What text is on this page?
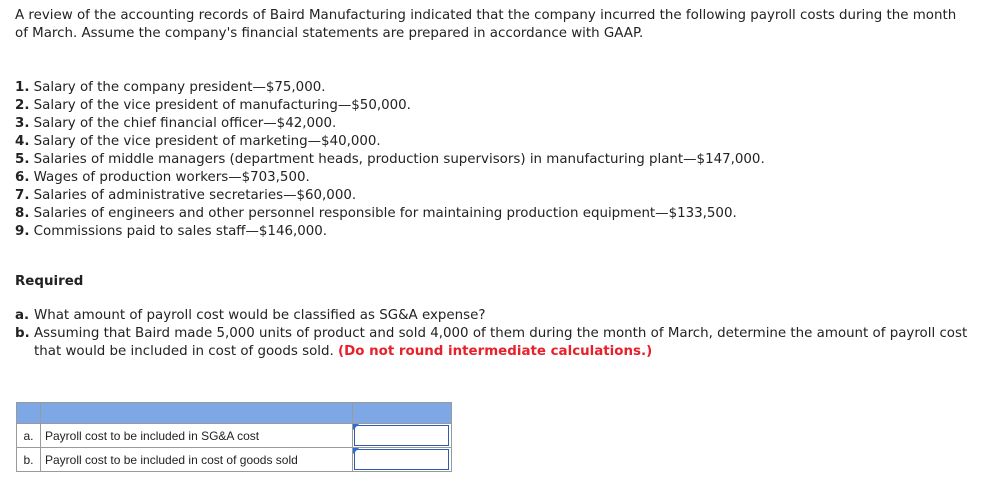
A review of the accounting records of Baird Manufacturing indicated that the company incurred the following payroll costs during the month of March. Assume the company's financial statements are prepared in accordance with GAAP.

1. Salary of the company president—$75,000.
2. Salary of the vice president of manufacturing—$50,000.
3. Salary of the chief financial officer—$42,000.
4. Salary of the vice president of marketing—$40,000.
5. Salaries of middle managers (department heads, production supervisors) in manufacturing plant—$147,000.
6. Wages of production workers—$703,500.
7. Salaries of administrative secretaries—$60,000.
8. Salaries of engineers and other personnel responsible for maintaining production equipment—$133,500.
9. Commissions paid to sales staff—$146,000.

Required

a. What amount of payroll cost would be classified as SG&A expense?
b. Assuming that Baird made 5,000 units of product and sold 4,000 of them during the month of March, determine the amount of payroll cost that would be included in cost of goods sold. (Do not round intermediate calculations.)

a.	Payroll cost to be included in SG&A cost	

b.	Payroll cost to be included in cost of goods sold	
